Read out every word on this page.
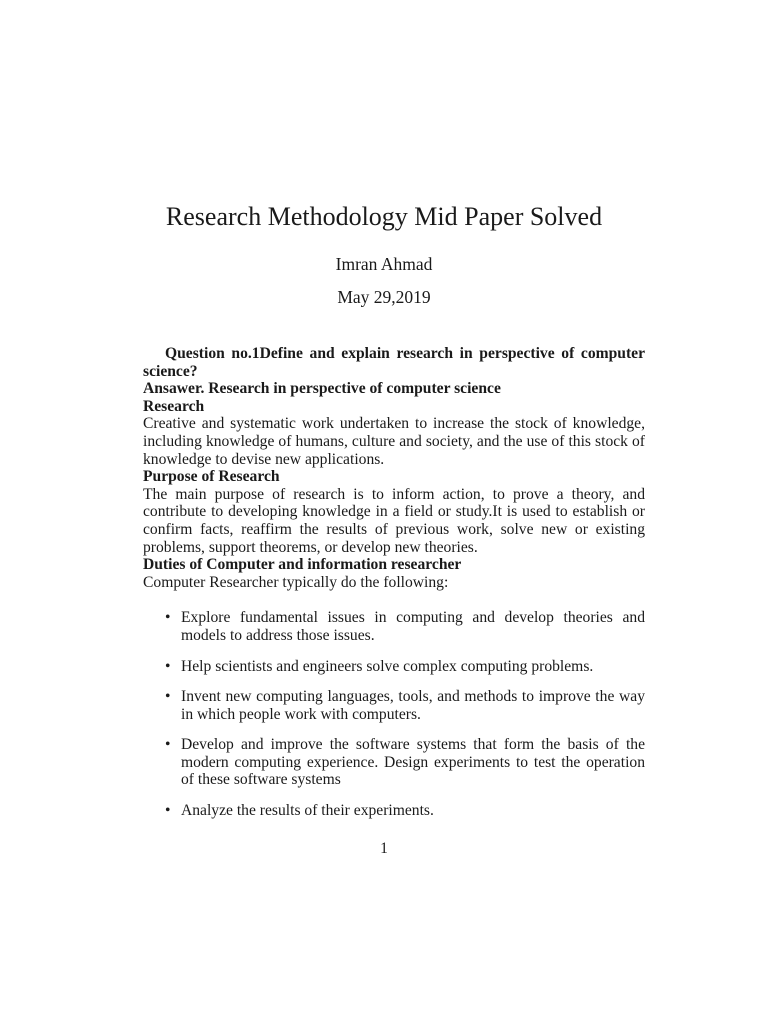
Research Methodology Mid Paper Solved
Imran Ahmad
May 29,2019

Question no.1Define and explain research in perspective of computer science?

Ansawer. Research in perspective of computer science

Research

Creative and systematic work undertaken to increase the stock of knowledge, including knowledge of humans, culture and society, and the use of this stock of knowledge to devise new applications.

Purpose of Research

The main purpose of research is to inform action, to prove a theory, and contribute to developing knowledge in a field or study.It is used to establish or confirm facts, reaffirm the results of previous work, solve new or existing problems, support theorems, or develop new theories.

Duties of Computer and information researcher

Computer Researcher typically do the following:

• Explore fundamental issues in computing and develop theories and models to address those issues.
• Help scientists and engineers solve complex computing problems.
• Invent new computing languages, tools, and methods to improve the way in which people work with computers.
• Develop and improve the software systems that form the basis of the modern computing experience. Design experiments to test the operation of these software systems
• Analyze the results of their experiments.
1
